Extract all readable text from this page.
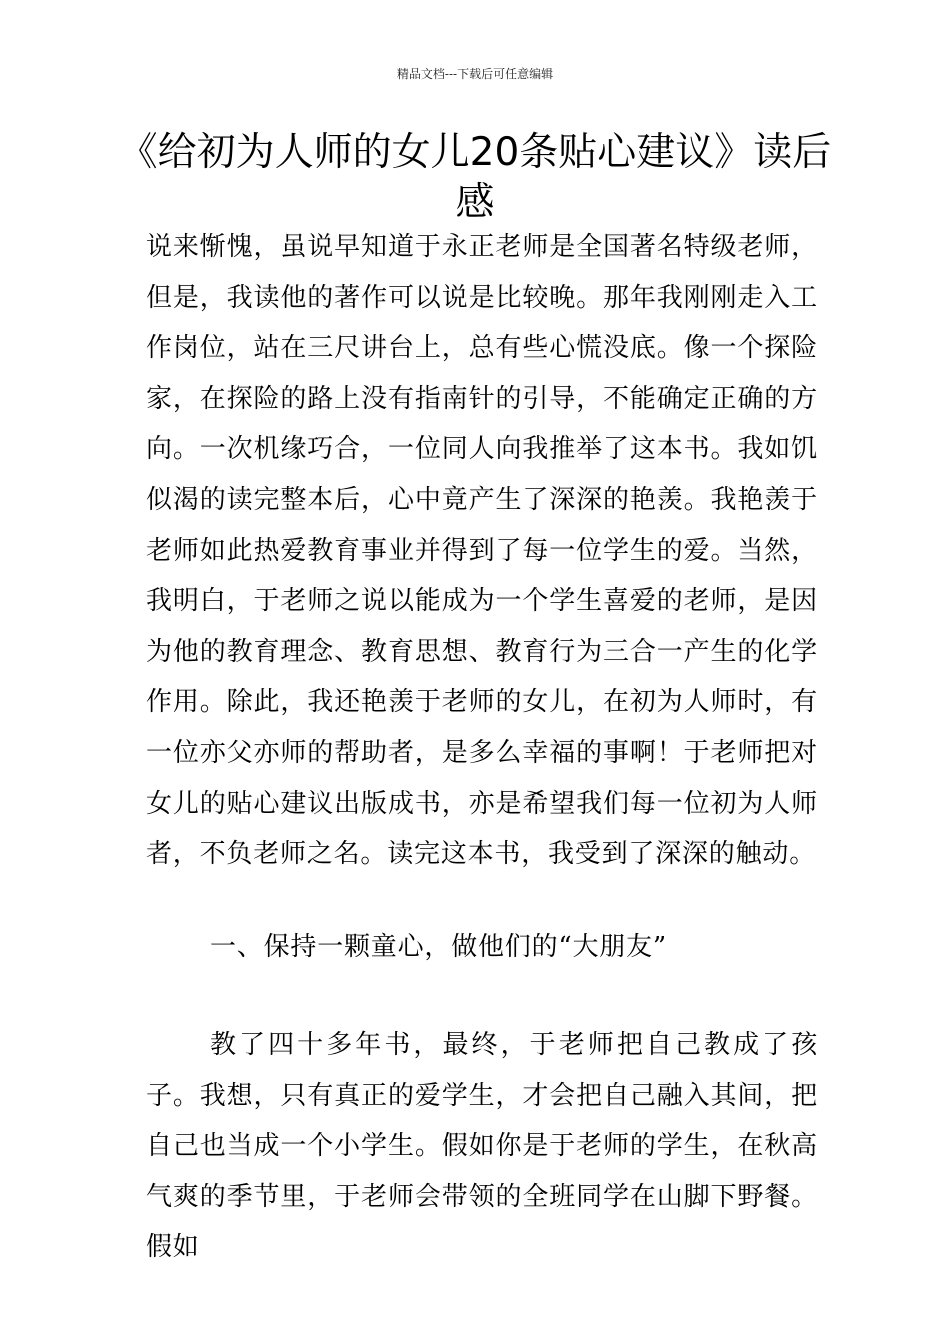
精品文档---下载后可任意编辑
《给初为人师的女儿20条贴心建议》读后感

说来惭愧，虽说早知道于永正老师是全国著名特级老师，但是，我读他的著作可以说是比较晚。那年我刚刚走入工作岗位，站在三尺讲台上，总有些心慌没底。像一个探险家，在探险的路上没有指南针的引导，不能确定正确的方向。一次机缘巧合，一位同人向我推举了这本书。我如饥似渴的读完整本后，心中竟产生了深深的艳羡。我艳羡于老师如此热爱教育事业并得到了每一位学生的爱。当然，我明白，于老师之说以能成为一个学生喜爱的老师，是因为他的教育理念、教育思想、教育行为三合一产生的化学作用。除此，我还艳羡于老师的女儿，在初为人师时，有一位亦父亦师的帮助者，是多么幸福的事啊！于老师把对女儿的贴心建议出版成书，亦是希望我们每一位初为人师者，不负老师之名。读完这本书，我受到了深深的触动。

一、保持一颗童心，做他们的“大朋友”

教了四十多年书，最终，于老师把自己教成了孩子。我想，只有真正的爱学生，才会把自己融入其间，把自己也当成一个小学生。假如你是于老师的学生，在秋高气爽的季节里，于老师会带领的全班同学在山脚下野餐。假如
